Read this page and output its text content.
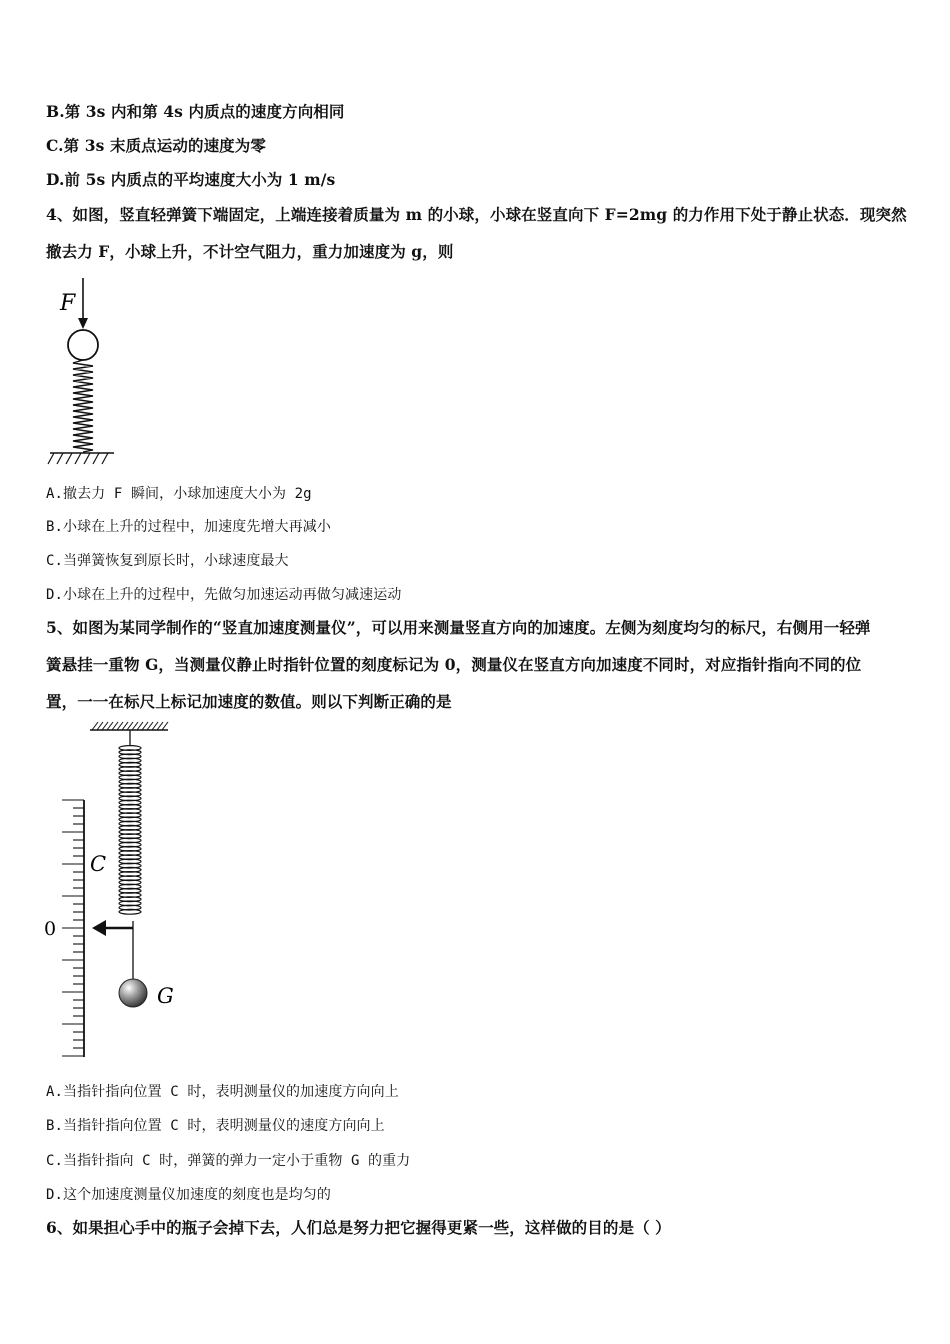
B.第 3s 内和第 4s 内质点的速度方向相同
C.第 3s 末质点运动的速度为零
D.前 5s 内质点的平均速度大小为 1 m/s
4、如图，竖直轻弹簧下端固定，上端连接着质量为 m 的小球，小球在竖直向下 F=2mg 的力作用下处于静止状态．现突然
撤去力 F，小球上升，不计空气阻力，重力加速度为 g，则
F
A.撤去力 F 瞬间，小球加速度大小为 2g
B.小球在上升的过程中，加速度先增大再减小
C.当弹簧恢复到原长时，小球速度最大
D.小球在上升的过程中，先做匀加速运动再做匀减速运动
5、如图为某同学制作的“竖直加速度测量仪”，可以用来测量竖直方向的加速度。左侧为刻度均匀的标尺，右侧用一轻弹
簧悬挂一重物 G，当测量仪静止时指针位置的刻度标记为 0，测量仪在竖直方向加速度不同时，对应指针指向不同的位
置，一一在标尺上标记加速度的数值。则以下判断正确的是
C
0
G
A.当指针指向位置 C 时，表明测量仪的加速度方向向上
B.当指针指向位置 C 时，表明测量仪的速度方向向上
C.当指针指向 C 时，弹簧的弹力一定小于重物 G 的重力
D.这个加速度测量仪加速度的刻度也是均匀的
6、如果担心手中的瓶子会掉下去，人们总是努力把它握得更紧一些，这样做的目的是（ ）
